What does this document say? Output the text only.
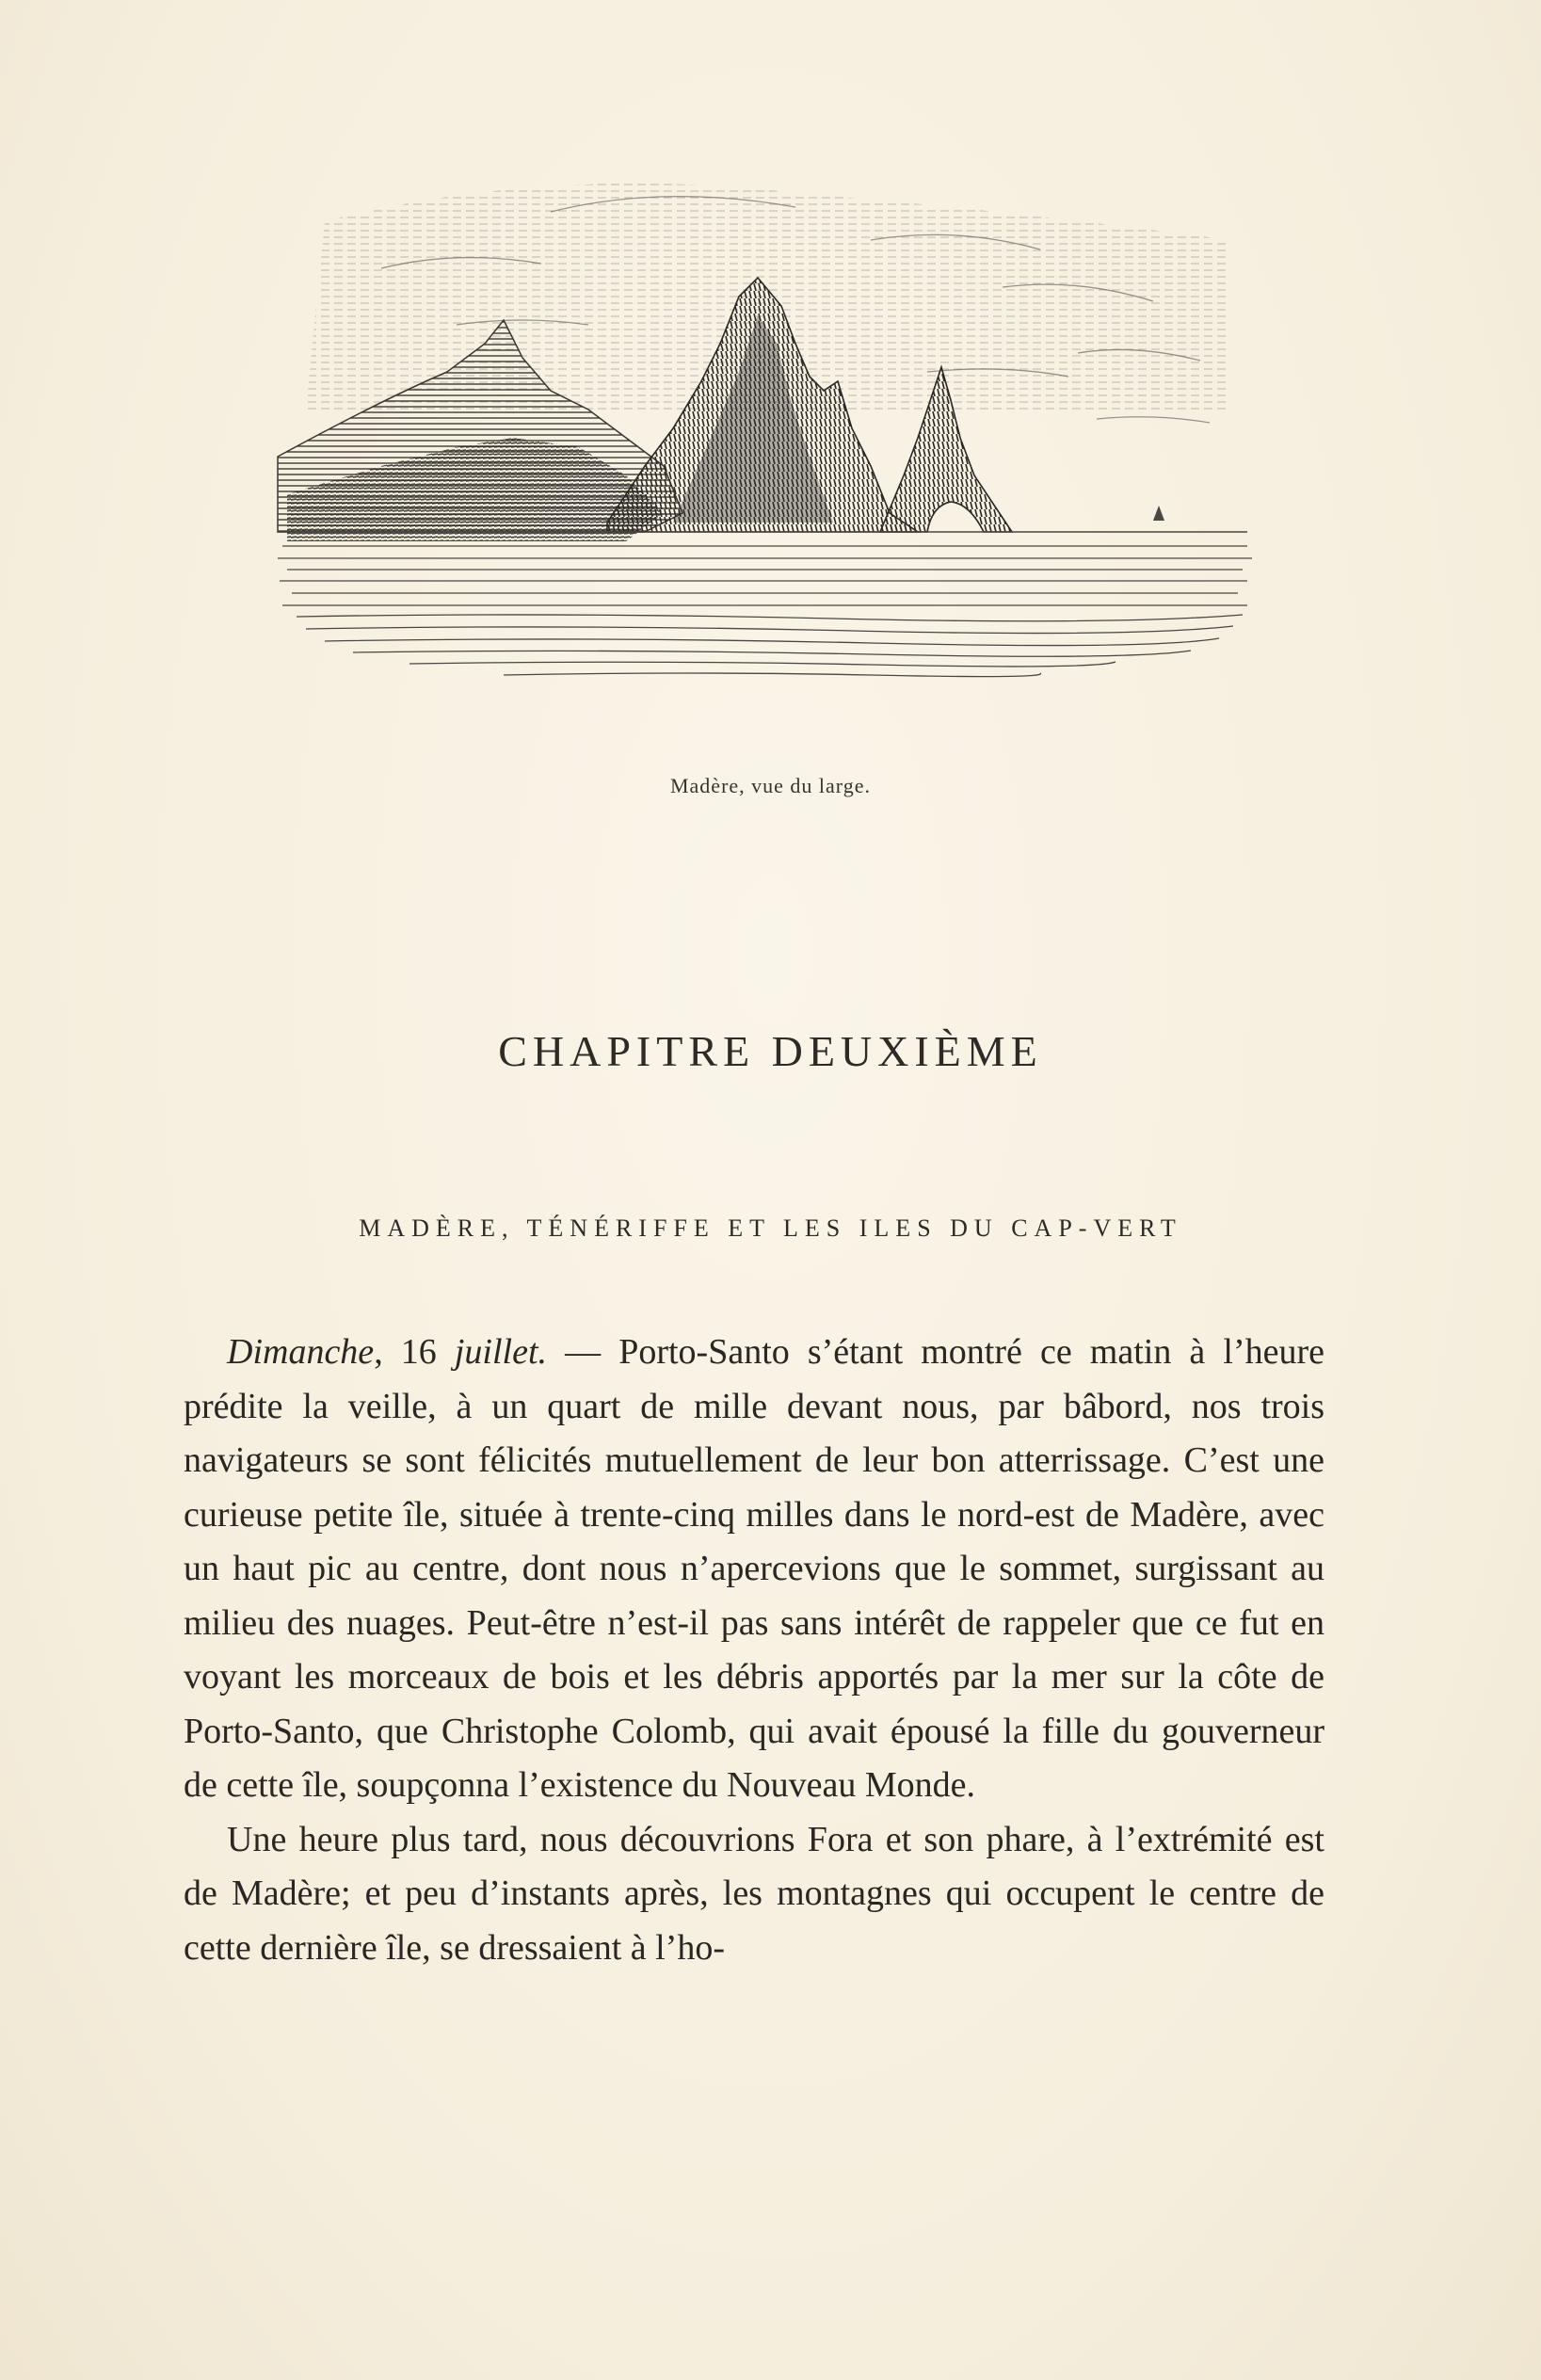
Madère, vue du large.
CHAPITRE DEUXIÈME
MADÈRE, TÉNÉRIFFE ET LES ILES DU CAP-VERT

Dimanche, 16 juillet. — Porto-Santo s’étant montré ce matin à l’heure prédite la veille, à un quart de mille devant nous, par bâbord, nos trois navigateurs se sont félicités mutuellement de leur bon atterrissage. C’est une curieuse petite île, située à trente-cinq milles dans le nord-est de Madère, avec un haut pic au centre, dont nous n’apercevions que le sommet, surgissant au milieu des nuages. Peut-être n’est-il pas sans intérêt de rappeler que ce fut en voyant les morceaux de bois et les débris apportés par la mer sur la côte de Porto-Santo, que Christophe Colomb, qui avait épousé la fille du gouverneur de cette île, soupçonna l’existence du Nouveau Monde.

Une heure plus tard, nous découvrions Fora et son phare, à l’extrémité est de Madère; et peu d’instants après, les montagnes qui occupent le centre de cette dernière île, se dressaient à l’ho-
